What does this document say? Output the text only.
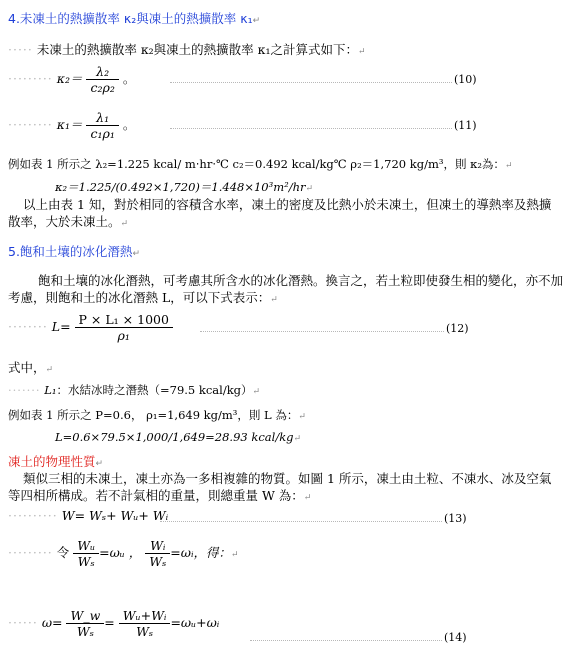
4.未凍土的熱擴散率 κ₂與凍土的熱擴散率 κ₁↵
····· 未凍土的熱擴散率 κ₂與凍土的熱擴散率 κ₁之計算式如下：↵
········· $\kappa_2= \frac{\text{λ₂}}{\text{c₂ρ₂}}$ 。	(10)
········· $\kappa_1= \frac{\text{λ₁}}{\text{c₁ρ₁}}$ 。	(11)
例如表 1 所示之 λ₂=1.225 kcal/ m‧hr‧℃ c₂＝0.492 kcal/kg℃ ρ₂＝1,720 kg/m³，則 κ₂為：↵
κ₂＝1.225/(0.492×1,720)＝1.448×10³m²/hr↵
以上由表 1 知，對於相同的容積含水率，凍土的密度及比熱小於未凍土，但凍土的導熱率及熱擴散率，大於未凍土。↵
5.飽和土壤的冰化潛熱↵
飽和土壤的冰化潛熱，可考慮其所含水的冰化潛熱。換言之，若土粒即使發生相的變化，亦不加考慮，則飽和土的冰化潛熱 L，可以下式表示：↵
········ $L= \frac{\text{P × L₁ × 1000}}{\text{ρ₁}}$	(12)
式中，↵
······· L₁：水結冰時之潛熱（=79.5 kcal/kg）↵
例如表 1 所示之 P=0.6， ρ₁=1,649 kg/m³，則 L 為：↵
L=0.6×79.5×1,000/1,649=28.93 kcal/kg↵
凍土的物理性質↵
類似三相的未凍土，凍土亦為一多相複雜的物質。如圖 1 所示，凍土由土粒、不凍水、冰及空氣等四相所構成。若不計氣相的重量，則總重量 W 為：↵
·········· W= Wₛ+ Wᵤ+ Wᵢ	(13)
········· 令 $\frac{\text{Wᵤ}}{\text{Wₛ}}$ =ωᵤ ， $\frac{\text{Wᵢ}}{\text{Wₛ}}$ =ωᵢ，得：↵
······ $\omega= \frac{W\_w}{\text{Wₛ}} = \frac{\text{Wᵤ+Wᵢ}}{\text{Wₛ}}$ =ωᵤ+ωᵢ
(14)
